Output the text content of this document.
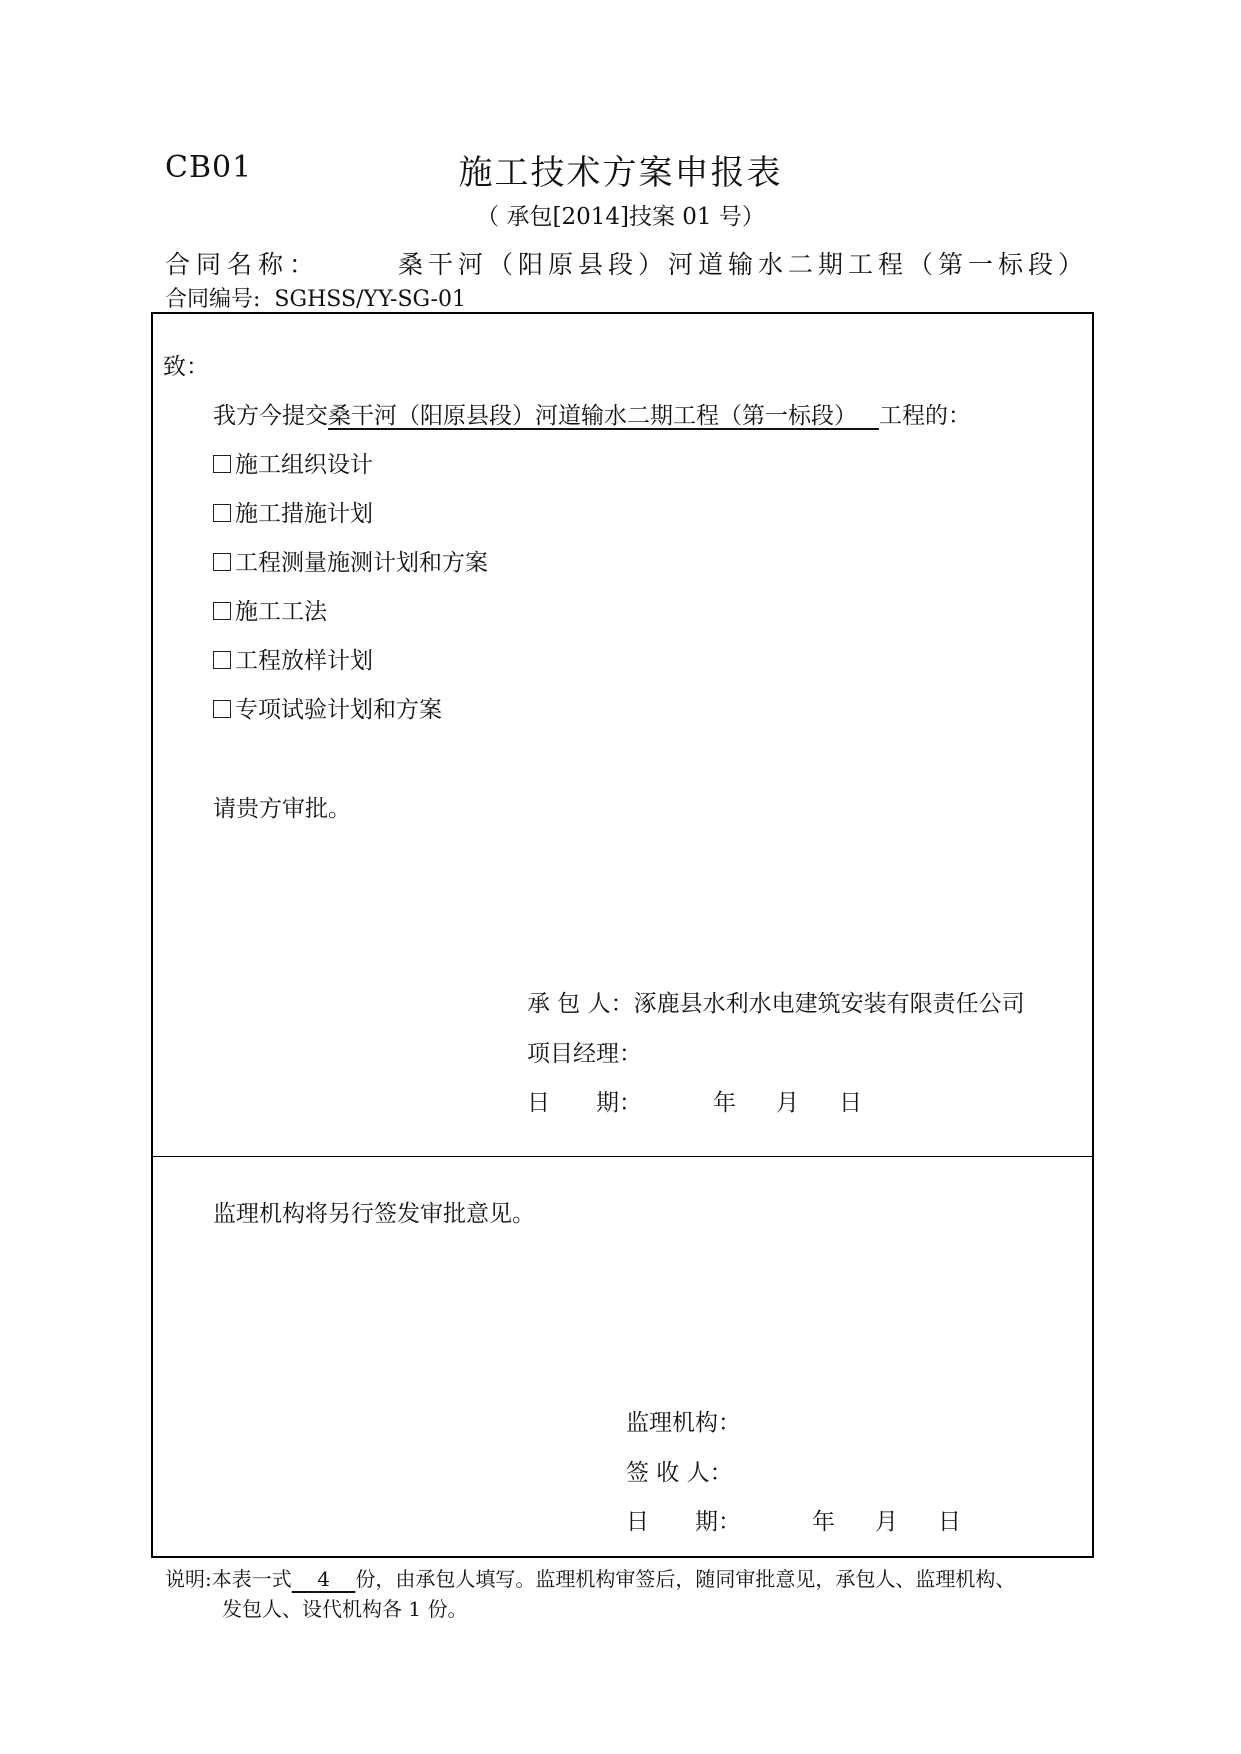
CB01	施工技术方案申报表
（ 承包[2014]技案 01 号）
合同名称：	桑干河（阳原县段）河道输水二期工程（第一标段）
合同编号: SGHSS/YY-SG-01
致：
我方今提交桑干河（阳原县段）河道输水二期工程（第一标段） 工程的：
施工组织设计
施工措施计划
工程测量施测计划和方案
施工工法
工程放样计划
专项试验计划和方案
请贵方审批。
承 包 人：涿鹿县水利水电建筑安装有限责任公司
项目经理：
日　　期：	年 月 日
监理机构将另行签发审批意见。
监理机构：
签 收 人：
日　　期：	年 月 日
说明:本表一式 4 份，由承包人填写。监理机构审签后，随同审批意见，承包人、监理机构、
发包人、设代机构各 1 份。
